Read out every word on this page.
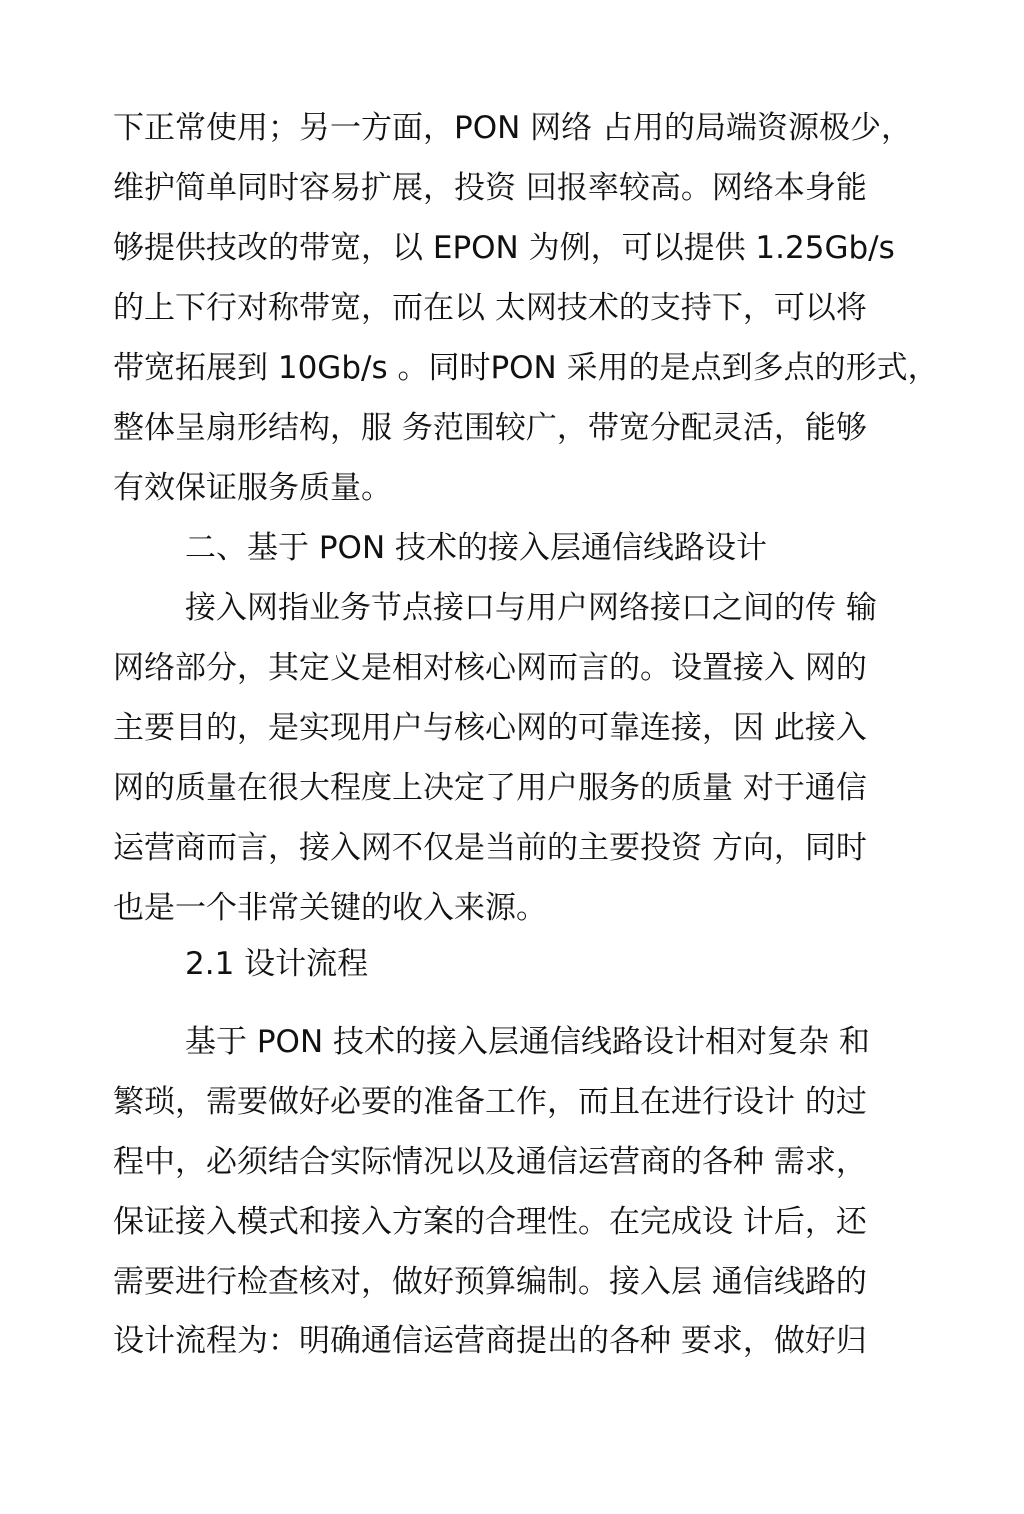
下正常使用；另一方面，PON 网络 占用的局端资源极少，
维护简单同时容易扩展，投资 回报率较高。网络本身能
够提供技改的带宽，以 EPON 为例，可以提供 1.25Gb/s
的上下行对称带宽，而在以 太网技术的支持下，可以将
带宽拓展到 10Gb/s 。同时PON 采用的是点到多点的形式，
整体呈扇形结构，服 务范围较广，带宽分配灵活，能够
有效保证服务质量。
二、基于 PON 技术的接入层通信线路设计
接入网指业务节点接口与用户网络接口之间的传 输
网络部分，其定义是相对核心网而言的。设置接入 网的
主要目的，是实现用户与核心网的可靠连接，因 此接入
网的质量在很大程度上决定了用户服务的质量 对于通信
运营商而言，接入网不仅是当前的主要投资 方向，同时
也是一个非常关键的收入来源。
2.1 设计流程
基于 PON 技术的接入层通信线路设计相对复杂 和
繁琐，需要做好必要的准备工作，而且在进行设计 的过
程中，必须结合实际情况以及通信运营商的各种 需求，
保证接入模式和接入方案的合理性。在完成设 计后，还
需要进行检查核对，做好预算编制。接入层 通信线路的
设计流程为：明确通信运营商提出的各种 要求，做好归
